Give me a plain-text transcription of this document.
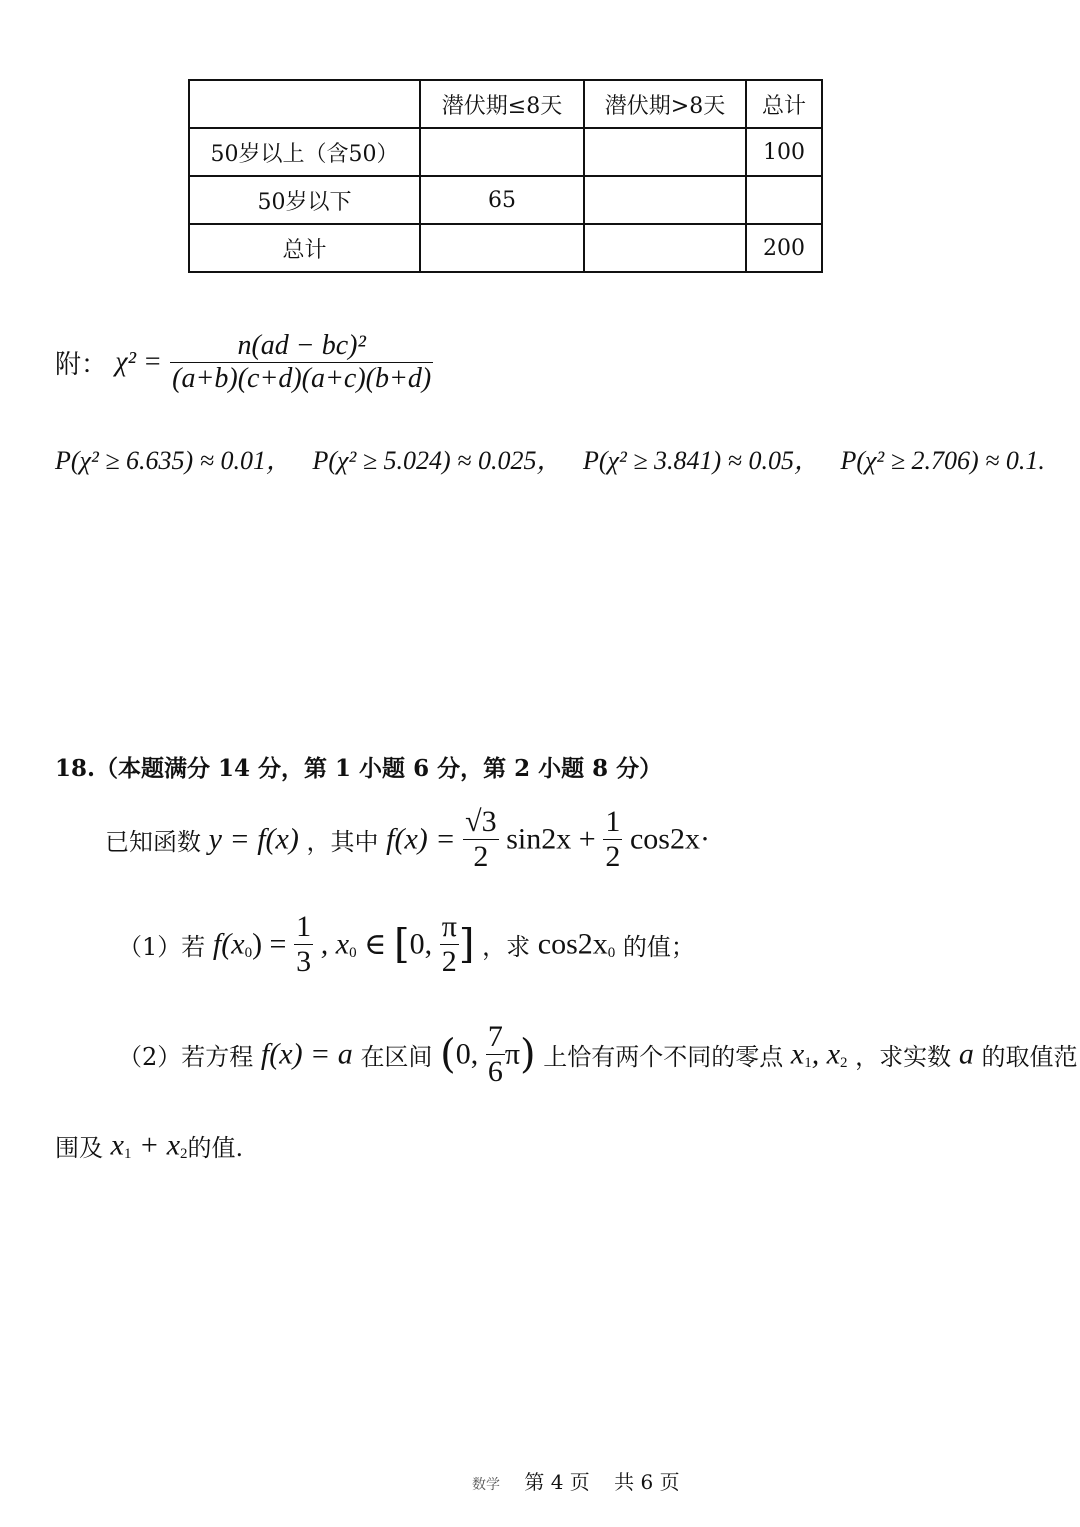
	潜伏期≤8天	潜伏期>8天	总计
50岁以上（含50）			100
50岁以下	65		
总计			200
附： $\chi^2 = \frac{\text{n(ad − bc)²}}{(a+b)(c+d)(a+c)(b+d)}$
P(χ² ≥ 6.635) ≈ 0.01， P(χ² ≥ 5.024) ≈ 0.025， P(χ² ≥ 3.841) ≈ 0.05， P(χ² ≥ 2.706) ≈ 0.1.
18.（本题满分 14 分，第 1 小题 6 分，第 2 小题 8 分）
已知函数 y = f(x) ，其中 $f(x) = \frac{√3}{2} \sin 2x + \frac{1}{2} \cos 2x\cdot$
（1）若 $f(x_0) = \frac{1}{3}$ , $x_0$ ∈ [0, $\frac{\pi}{2}$ ] ，求 $\cos 2x_0$ 的值；
（2）若方程 f(x) = a 在区间 (0, $\frac{7}{6} \pi$) 上恰有两个不同的零点 $x_1$, $x_2$ ，求实数 a 的取值范
围及 $x_1 + x_2$的值.
数学 第 4 页 共 6 页
